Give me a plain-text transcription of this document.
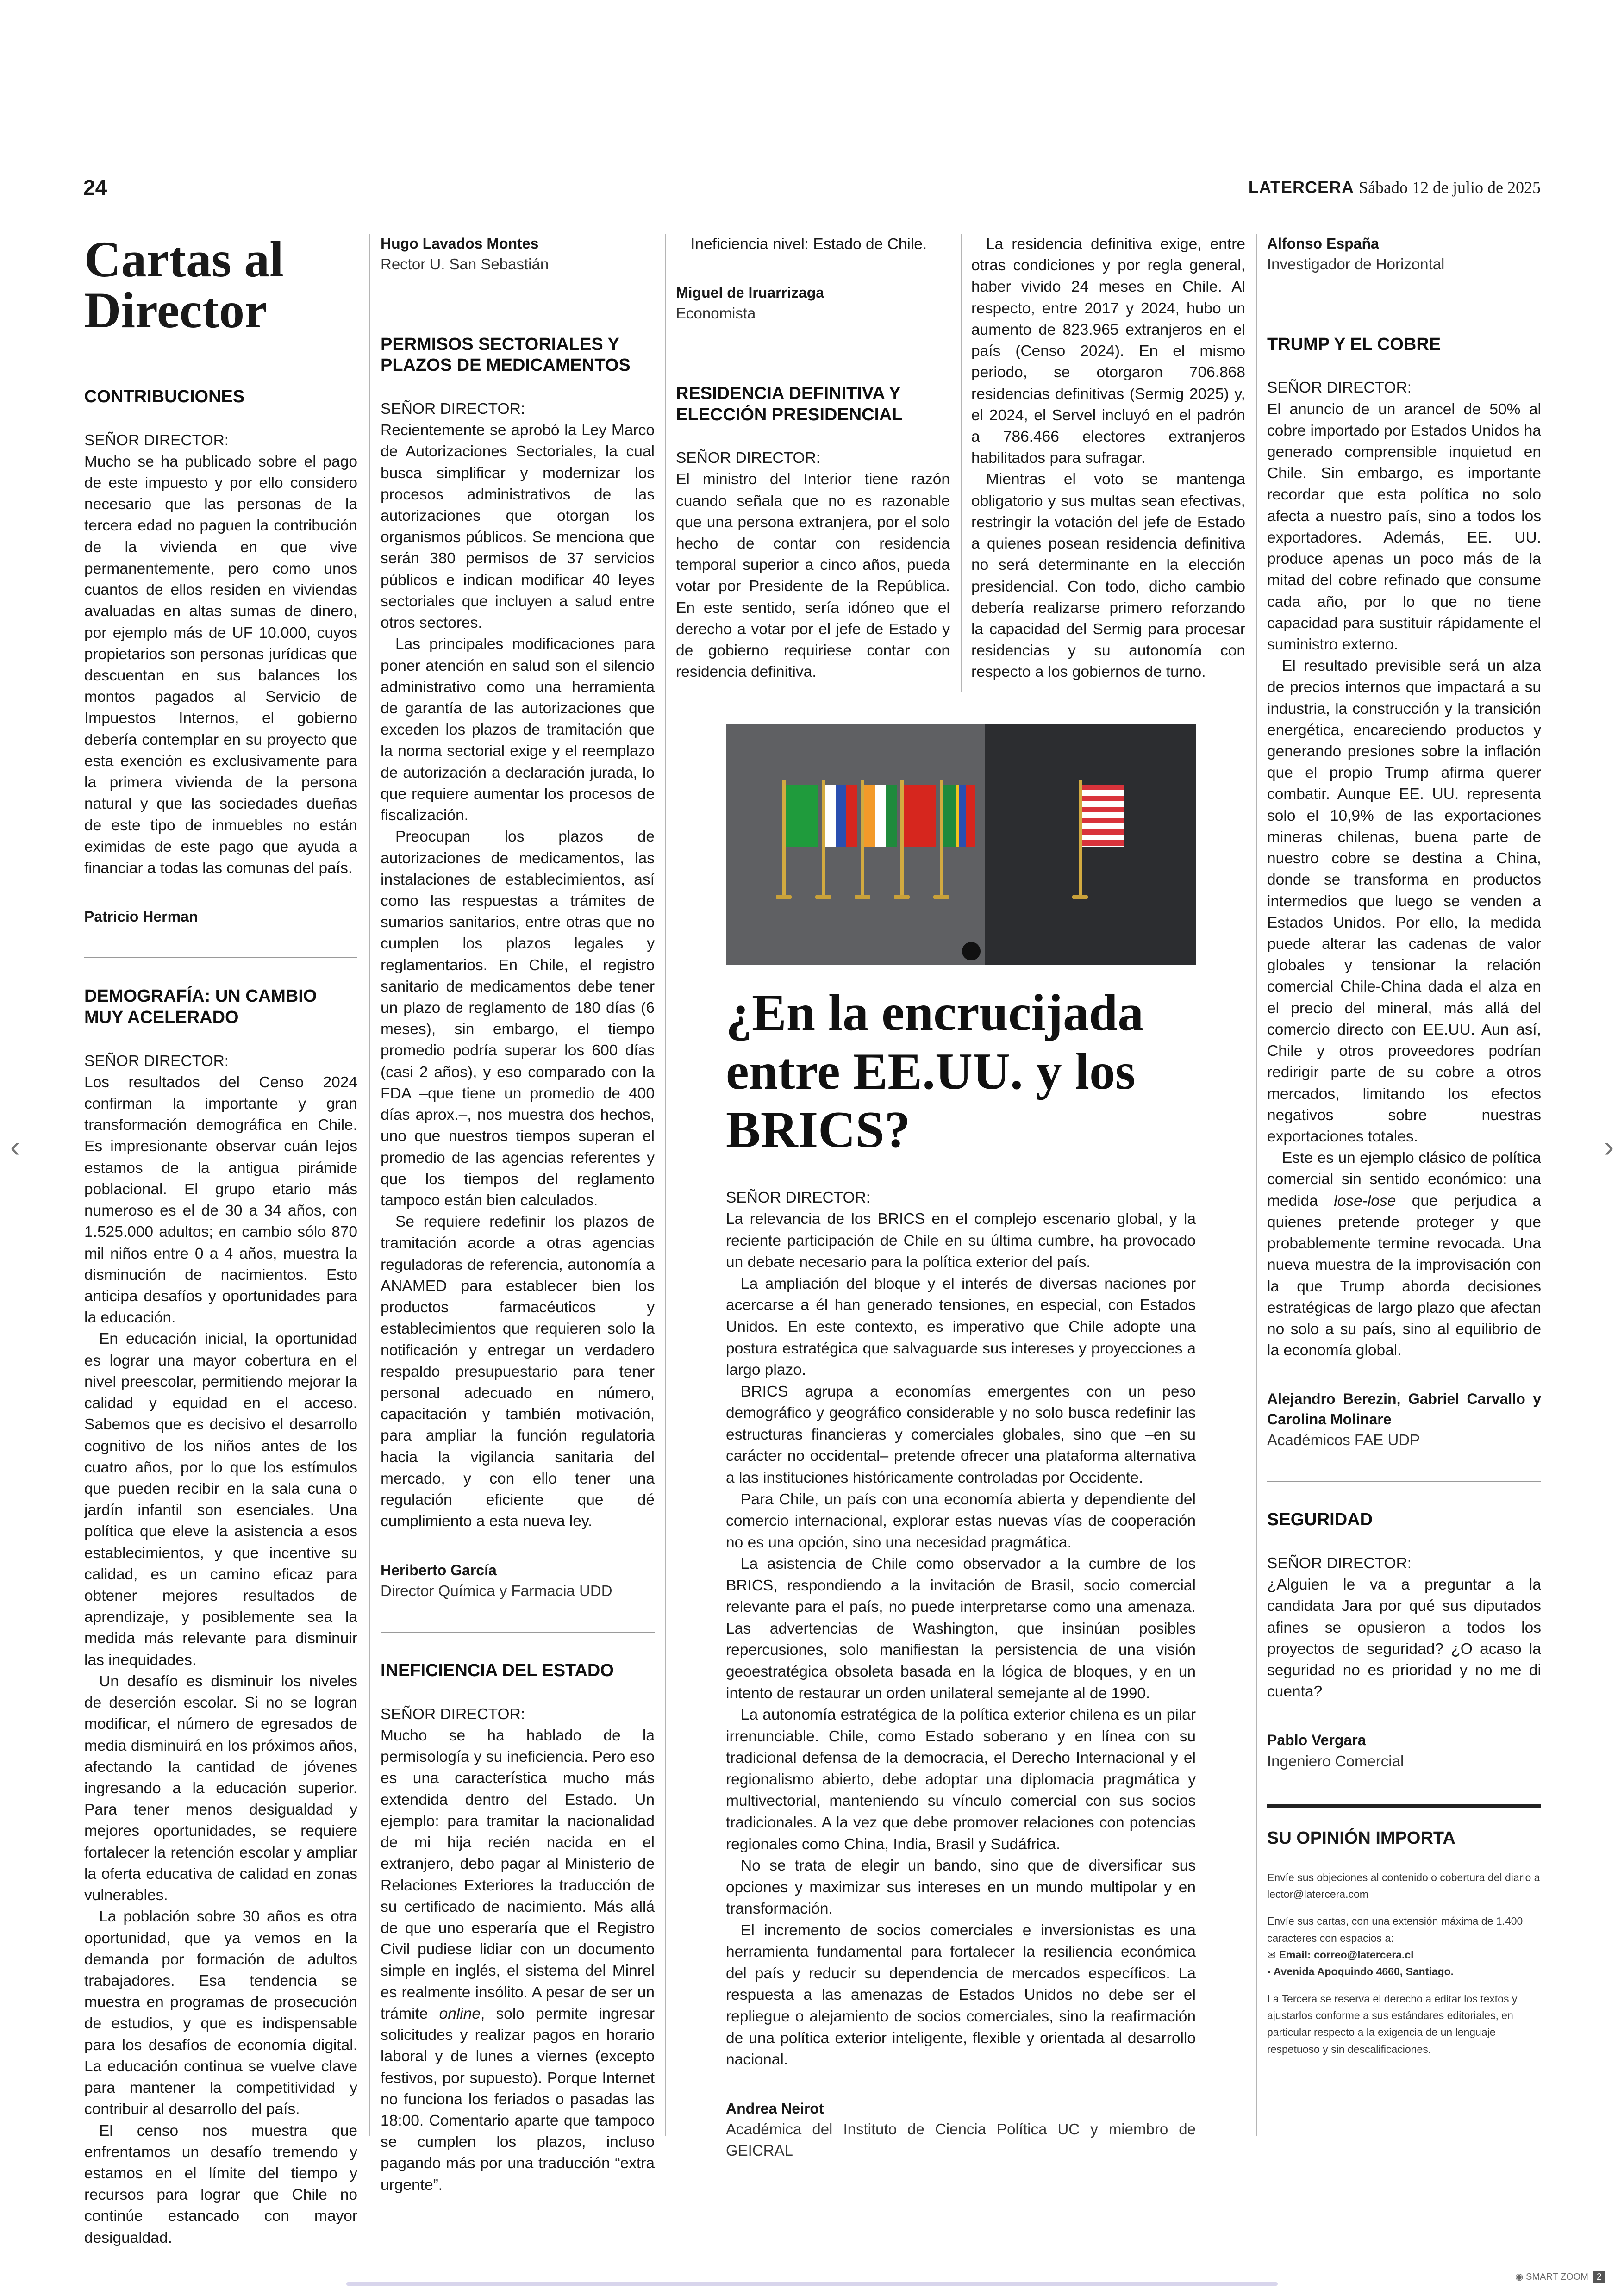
24	LATERCERA Sábado 12 de julio de 2025
Cartas al Director
CONTRIBUCIONES
SEÑOR DIRECTOR:

Mucho se ha publicado sobre el pago de este impuesto y por ello considero necesario que las personas de la tercera edad no paguen la contribución de la vivienda en que vive permanentemente, pero como unos cuantos de ellos residen en viviendas avaluadas en altas sumas de dinero, por ejemplo más de UF 10.000, cuyos propietarios son personas jurídicas que descuentan en sus balances los montos pagados al Servicio de Impuestos Internos, el gobierno debería contemplar en su proyecto que esta exención es exclusivamente para la primera vivienda de la persona natural y que las sociedades dueñas de este tipo de inmuebles no están eximidas de este pago que ayuda a financiar a todas las comunas del país.

Patricio Herman
DEMOGRAFÍA: UN CAMBIO MUY ACELERADO
SEÑOR DIRECTOR:

Los resultados del Censo 2024 confirman la importante y gran transformación demográfica en Chile. Es impresionante observar cuán lejos estamos de la antigua pirámide poblacional. El grupo etario más numeroso es el de 30 a 34 años, con 1.525.000 adultos; en cambio sólo 870 mil niños entre 0 a 4 años, muestra la disminución de nacimientos. Esto anticipa desafíos y oportunidades para la educación.

En educación inicial, la oportunidad es lograr una mayor cobertura en el nivel preescolar, permitiendo mejorar la calidad y equidad en el acceso. Sabemos que es decisivo el desarrollo cognitivo de los niños antes de los cuatro años, por lo que los estímulos que pueden recibir en la sala cuna o jardín infantil son esenciales. Una política que eleve la asistencia a esos establecimientos, y que incentive su calidad, es un camino eficaz para obtener mejores resultados de aprendizaje, y posiblemente sea la medida más relevante para disminuir las inequidades.

Un desafío es disminuir los niveles de deserción escolar. Si no se logran modificar, el número de egresados de media disminuirá en los próximos años, afectando la cantidad de jóvenes ingresando a la educación superior. Para tener menos desigualdad y mejores oportunidades, se requiere fortalecer la retención escolar y ampliar la oferta educativa de calidad en zonas vulnerables.

La población sobre 30 años es otra oportunidad, que ya vemos en la demanda por formación de adultos trabajadores. Esa tendencia se muestra en programas de prosecución de estudios, y que es indispensable para los desafíos de economía digital. La educación continua se vuelve clave para mantener la competitividad y contribuir al desarrollo del país.

El censo nos muestra que enfrentamos un desafío tremendo y estamos en el límite del tiempo y recursos para lograr que Chile no continúe estancado con mayor desigualdad.

Hugo Lavados Montes
Rector U. San Sebastián
PERMISOS SECTORIALES Y PLAZOS DE MEDICAMENTOS
SEÑOR DIRECTOR:

Recientemente se aprobó la Ley Marco de Autorizaciones Sectoriales, la cual busca simplificar y modernizar los procesos administrativos de las autorizaciones que otorgan los organismos públicos. Se menciona que serán 380 permisos de 37 servicios públicos e indican modificar 40 leyes sectoriales que incluyen a salud entre otros sectores.

Las principales modificaciones para poner atención en salud son el silencio administrativo como una herramienta de garantía de las autorizaciones que exceden los plazos de tramitación que la norma sectorial exige y el reemplazo de autorización a declaración jurada, lo que requiere aumentar los procesos de fiscalización.

Preocupan los plazos de autorizaciones de medicamentos, las instalaciones de establecimientos, así como las respuestas a trámites de sumarios sanitarios, entre otras que no cumplen los plazos legales y reglamentarios. En Chile, el registro sanitario de medicamentos debe tener un plazo de reglamento de 180 días (6 meses), sin embargo, el tiempo promedio podría superar los 600 días (casi 2 años), y eso comparado con la FDA –que tiene un promedio de 400 días aprox.–, nos muestra dos hechos, uno que nuestros tiempos superan el promedio de las agencias referentes y que los tiempos del reglamento tampoco están bien calculados.

Se requiere redefinir los plazos de tramitación acorde a otras agencias reguladoras de referencia, autonomía a ANAMED para establecer bien los productos farmacéuticos y establecimientos que requieren solo la notificación y entregar un verdadero respaldo presupuestario para tener personal adecuado en número, capacitación y también motivación, para ampliar la función regulatoria hacia la vigilancia sanitaria del mercado, y con ello tener una regulación eficiente que dé cumplimiento a esta nueva ley.

Heriberto García
Director Química y Farmacia UDD
INEFICIENCIA DEL ESTADO
SEÑOR DIRECTOR:

Mucho se ha hablado de la permisología y su ineficiencia. Pero eso es una característica mucho más extendida dentro del Estado. Un ejemplo: para tramitar la nacionalidad de mi hija recién nacida en el extranjero, debo pagar al Ministerio de Relaciones Exteriores la traducción de su certificado de nacimiento. Más allá de que uno esperaría que el Registro Civil pudiese lidiar con un documento simple en inglés, el sistema del Minrel es realmente insólito. A pesar de ser un trámite online, solo permite ingresar solicitudes y realizar pagos en horario laboral y de lunes a viernes (excepto festivos, por supuesto). Porque Internet no funciona los feriados o pasadas las 18:00. Comentario aparte que tampoco se cumplen los plazos, incluso pagando más por una traducción “extra urgente”.

Ineficiencia nivel: Estado de Chile.

Miguel de Iruarrizaga
Economista
RESIDENCIA DEFINITIVA Y ELECCIÓN PRESIDENCIAL
SEÑOR DIRECTOR:

El ministro del Interior tiene razón cuando señala que no es razonable que una persona extranjera, por el solo hecho de contar con residencia temporal superior a cinco años, pueda votar por Presidente de la República. En este sentido, sería idóneo que el derecho a votar por el jefe de Estado y de gobierno requiriese contar con residencia definitiva.

La residencia definitiva exige, entre otras condiciones y por regla general, haber vivido 24 meses en Chile. Al respecto, entre 2017 y 2024, hubo un aumento de 823.965 extranjeros en el país (Censo 2024). En el mismo periodo, se otorgaron 706.868 residencias definitivas (Sermig 2025) y, el 2024, el Servel incluyó en el padrón a 786.466 electores extranjeros habilitados para sufragar.

Mientras el voto se mantenga obligatorio y sus multas sean efectivas, restringir la votación del jefe de Estado a quienes posean residencia definitiva no será determinante en la elección presidencial. Con todo, dicho cambio debería realizarse primero reforzando la capacidad del Sermig para procesar residencias y su autonomía con respecto a los gobiernos de turno.

Alfonso España
Investigador de Horizontal
TRUMP Y EL COBRE
SEÑOR DIRECTOR:

El anuncio de un arancel de 50% al cobre importado por Estados Unidos ha generado comprensible inquietud en Chile. Sin embargo, es importante recordar que esta política no solo afecta a nuestro país, sino a todos los exportadores. Además, EE. UU. produce apenas un poco más de la mitad del cobre refinado que consume cada año, por lo que no tiene capacidad para sustituir rápidamente el suministro externo.

El resultado previsible será un alza de precios internos que impactará a su industria, la construcción y la transición energética, encareciendo productos y generando presiones sobre la inflación que el propio Trump afirma querer combatir. Aunque EE. UU. representa solo el 10,9% de las exportaciones mineras chilenas, buena parte de nuestro cobre se destina a China, donde se transforma en productos intermedios que luego se venden a Estados Unidos. Por ello, la medida puede alterar las cadenas de valor globales y tensionar la relación comercial Chile-China dada el alza en el precio del mineral, más allá del comercio directo con EE.UU. Aun así, Chile y otros proveedores podrían redirigir parte de su cobre a otros mercados, limitando los efectos negativos sobre nuestras exportaciones totales.

Este es un ejemplo clásico de política comercial sin sentido económico: una medida lose-lose que perjudica a quienes pretende proteger y que probablemente termine revocada. Una nueva muestra de la improvisación con la que Trump aborda decisiones estratégicas de largo plazo que afectan no solo a su país, sino al equilibrio de la economía global.

Alejandro Berezin, Gabriel Carvallo y Carolina Molinare
Académicos FAE UDP
SEGURIDAD
SEÑOR DIRECTOR:

¿Alguien le va a preguntar a la candidata Jara por qué sus diputados afines se opusieron a todos los proyectos de seguridad? ¿O acaso la seguridad no es prioridad y no me di cuenta?

Pablo Vergara
Ingeniero Comercial
SU OPINIÓN IMPORTA

Envíe sus objeciones al contenido o cobertura del diario a lector@latercera.com

Envíe sus cartas, con una extensión máxima de 1.400 caracteres con espacios a:

✉ Email: correo@latercera.cl

▪ Avenida Apoquindo 4660, Santiago.

La Tercera se reserva el derecho a editar los textos y ajustarlos conforme a sus estándares editoriales, en particular respecto a la exigencia de un lenguaje respetuoso y sin descalificaciones.

¿En la encrucijada entre EE.UU. y los BRICS?
SEÑOR DIRECTOR:

La relevancia de los BRICS en el complejo escenario global, y la reciente participación de Chile en su última cumbre, ha provocado un debate necesario para la política exterior del país.

La ampliación del bloque y el interés de diversas naciones por acercarse a él han generado tensiones, en especial, con Estados Unidos. En este contexto, es imperativo que Chile adopte una postura estratégica que salvaguarde sus intereses y proyecciones a largo plazo.

BRICS agrupa a economías emergentes con un peso demográfico y geográfico considerable y no solo busca redefinir las estructuras financieras y comerciales globales, sino que –en su carácter no occidental– pretende ofrecer una plataforma alternativa a las instituciones históricamente controladas por Occidente.

Para Chile, un país con una economía abierta y dependiente del comercio internacional, explorar estas nuevas vías de cooperación no es una opción, sino una necesidad pragmática.

La asistencia de Chile como observador a la cumbre de los BRICS, respondiendo a la invitación de Brasil, socio comercial relevante para el país, no puede interpretarse como una amenaza. Las advertencias de Washington, que insinúan posibles repercusiones, solo manifiestan la persistencia de una visión geoestratégica obsoleta basada en la lógica de bloques, y en un intento de restaurar un orden unilateral semejante al de 1990.

La autonomía estratégica de la política exterior chilena es un pilar irrenunciable. Chile, como Estado soberano y en línea con su tradicional defensa de la democracia, el Derecho Internacional y el regionalismo abierto, debe adoptar una diplomacia pragmática y multivectorial, manteniendo su vínculo comercial con sus socios tradicionales. A la vez que debe promover relaciones con potencias regionales como China, India, Brasil y Sudáfrica.

No se trata de elegir un bando, sino que de diversificar sus opciones y maximizar sus intereses en un mundo multipolar y en transformación.

El incremento de socios comerciales e inversionistas es una herramienta fundamental para fortalecer la resiliencia económica del país y reducir su dependencia de mercados específicos. La respuesta a las amenazas de Estados Unidos no debe ser el repliegue o alejamiento de socios comerciales, sino la reafirmación de una política exterior inteligente, flexible y orientada al desarrollo nacional.

Andrea Neirot
Académica del Instituto de Ciencia Política UC y miembro de GEICRAL
‹	›
◉ SMART ZOOM 2
